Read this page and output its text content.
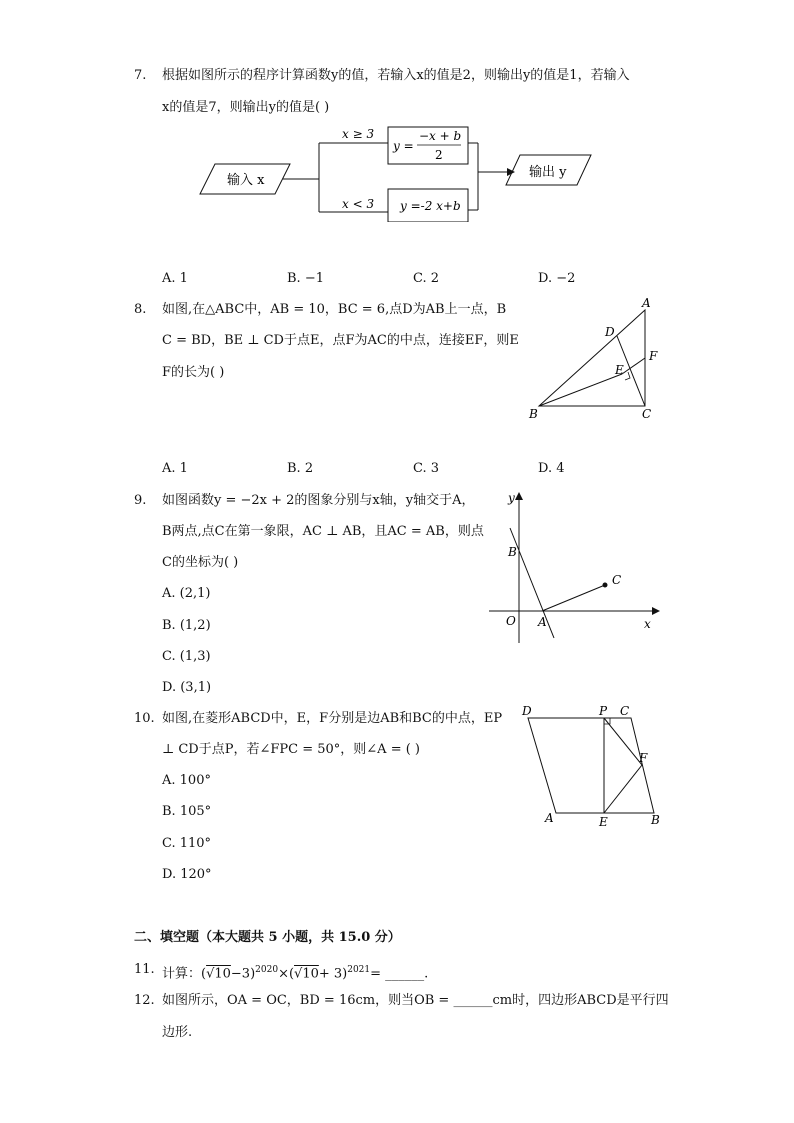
7. 根据如图所示的程序计算函数y的值，若输入x的值是2，则输出y的值是1，若输入
x的值是7，则输出y的值是( )
输入 x
x ≥ 3
x < 3
y =
−x + b
2
y =-2 x+b
输出 y
A. 1	B. −1	C. 2	D. −2
8. 如图,在△ABC中，AB = 10，BC = 6,点D为AB上一点，B
C = BD，BE ⊥ CD于点E，点F为AC的中点，连接EF，则E
F的长为( )
A
D
F
E
B	C
A. 1	B. 2	C. 3	D. 4
9. 如图函数y = −2x + 2的图象分别与x轴，y轴交于A，
B两点,点C在第一象限，AC ⊥ AB，且AC = AB，则点
C的坐标为( )
A. (2,1)
B. (1,2)
C. (1,3)
D. (3,1)
y
B
C
O A	x
10. 如图,在菱形ABCD中，E，F分别是边AB和BC的中点，EP
⊥ CD于点P，若∠FPC = 50°，则∠A = ( )
A. 100°
B. 105°
C. 110°
D. 120°
D	P C
F
A	E	B
二、填空题（本大题共 5 小题，共 15.0 分）
11. 计算：$(√10-3)^{2020}\times(√10+ 3)^{2021}=$ ______.
12. 如图所示，OA = OC，BD = 16cm，则当OB = ______cm时，四边形ABCD是平行四
边形.
